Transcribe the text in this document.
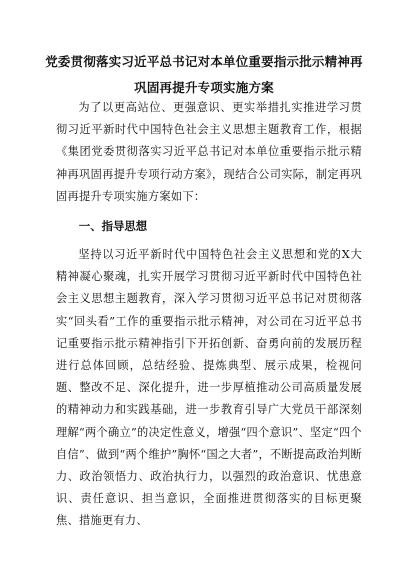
党委贯彻落实习近平总书记对本单位重要指示批示精神再
巩固再提升专项实施方案

为了以更高站位、更强意识、更实举措扎实推进学习贯彻习近平新时代中国特色社会主义思想主题教育工作，根据《集团党委贯彻落实习近平总书记对本单位重要指示批示精神再巩固再提升专项行动方案》，现结合公司实际，制定再巩固再提升专项实施方案如下：

一、指导思想

坚持以习近平新时代中国特色社会主义思想和党的X大精神凝心聚魂，扎实开展学习贯彻习近平新时代中国特色社会主义思想主题教育，深入学习贯彻习近平总书记对贯彻落实“回头看”工作的重要指示批示精神，对公司在习近平总书记重要指示批示精神指引下开拓创新、奋勇向前的发展历程进行总体回顾，总结经验、提炼典型、展示成果，检视问题、整改不足、深化提升，进一步厚植推动公司高质量发展的精神动力和实践基础，进一步教育引导广大党员干部深刻理解“两个确立”的决定性意义，增强“四个意识”、坚定“四个自信”、做到“两个维护”胸怀“国之大者”，不断提高政治判断力、政治领悟力、政治执行力，以强烈的政治意识、忧患意识、责任意识、担当意识，全面推进贯彻落实的目标更聚焦、措施更有力、
